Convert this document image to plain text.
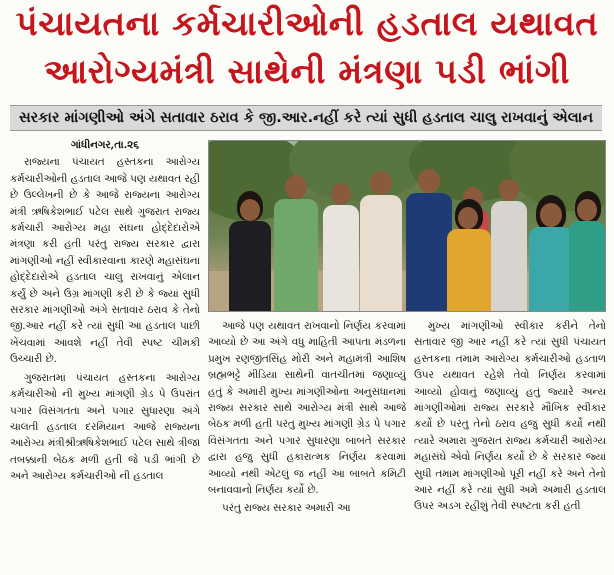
પંચાયતના કર્મચારીઓની હડતાલ યથાવત
આરોગ્યમંત્રી સાથેની મંત્રણા પડી ભાંગી
સરકાર માંગણીઓ અંગે સતાવાર ઠરાવ કે જી.આર.નહીં કરે ત્યાં સુધી હડતાલ ચાલુ રાખવાનું એલાન
ગાંધીનગર,તા.૨૬

રાજ્યના પંચાયત હસ્તકના આરોગ્ય કર્મચારીઓની હડતાલ આજે પણ યથાવત રહી છે ઉલ્લેખની છે કે આજે રાજ્યના આરોગ્ય મંત્રી ઋષિકેશભાઈ પટેલ સાથે ગુજરાત રાજ્ય કર્મચારી આરોગ્ય મહા સંઘના હોદ્દેદારોએ મંત્રણા કરી હતી પરંતુ રાજ્ય સરકાર દ્વારા માંગણીઓ નહીં સ્વીકારવાના કારણે મહાસંઘના હોદ્દેદારોએ હડતાલ ચાલુ રાખવાનું એલાન કર્યું છે અને ઉગ્ર માંગણી કરી છે કે જ્યાં સુધી સરકાર માંગણીઓ અંગે સતાવાર ઠરાવ કે તેનો જી.આર નહીં કરે ત્યાં સુધી આ હડતાલ પાછી ખેંચવામાં આવશે નહીં તેવી સ્પષ્ટ ચીમકી ઉચ્ચારી છે.

ગુજરાતમાં પંચાયત હસ્તકના આરોગ્ય કર્મચારીઓ ની મુખ્ય માંગણી ગ્રેડ પે ઉપરાંત પગાર વિસંગતતા અને પગાર સુધારણા અંગે ચાલતી હડતાલ દરમિયાન આજે રાજ્યના આરોગ્ય મંત્રીશ્રીઋષિકેશભાઈ પટેલ સાથે ત્રીજા તબક્કાની બેઠક મળી હતી જે પડી ભાંગી છે અને આરોગ્ય કર્મચારીઓ ની હડતાલ

આજે પણ યથાવત રાખવાનો નિર્ણય કરવામાં આવ્યો છે આ અંગે વધુ માહિતી આપતા મંડળના પ્રમુખ રણજીતસિંહ મોરી અને મહામંત્રી આશિષ બ્રહ્મભટ્ટે મીડિયા સાથેની વાતચીતમાં જણાવ્યું હતું કે અમારી મુખ્ય માંગણીઓના અનુસંધાનમાં રાજ્ય સરકાર સાથે આરોગ્ય મંત્રી સાથે આજે બેઠક મળી હતી પરંતુ મુખ્ય માંગણી ગ્રેડ પે પગાર વિસંગતતા અને પગાર સુધારણા બાબતે સરકાર દ્વારા હજુ સુધી હકારાત્મક નિર્ણય કરવામાં આવ્યો નથી એટલું જ નહીં આ બાબતે કમિટી બનાવવાનો નિર્ણય કર્યો છે.

પરંતુ રાજ્ય સરકાર અમારી આ

મુખ્ય માંગણીઓ સ્વીકાર કરીને તેનો સતાવાર જી આર નહીં કરે ત્યાં સુધી પંચાયત હસ્તકના તમામ આરોગ્ય કર્મચારીઓ હડતાળ ઉપર યથાવત રહેશે તેવો નિર્ણય કરવામાં આવ્યો હોવાનું જણાવ્યું હતું જ્યારે અન્ય માંગણીઓમાં રાજ્ય સરકારે મૌખિક સ્વીકાર કર્યો છે પરંતુ તેનો ઠરાવ હજુ સુધી કર્યો નથી ત્યારે અમારા ગુજરાત રાજ્ય કર્મચારી આરોગ્ય મહાસંઘે એવો નિર્ણય કર્યો છે કે સરકાર જ્યાં સુધી તમામ માંગણીઓ પૂરી નહીં કરે અને તેનો આર નહીં કરે ત્યાં સુધી અમે અમારી હડતાલ ઉપર અડગ રહીશું તેવી સ્પષ્ટતા કરી હતી
